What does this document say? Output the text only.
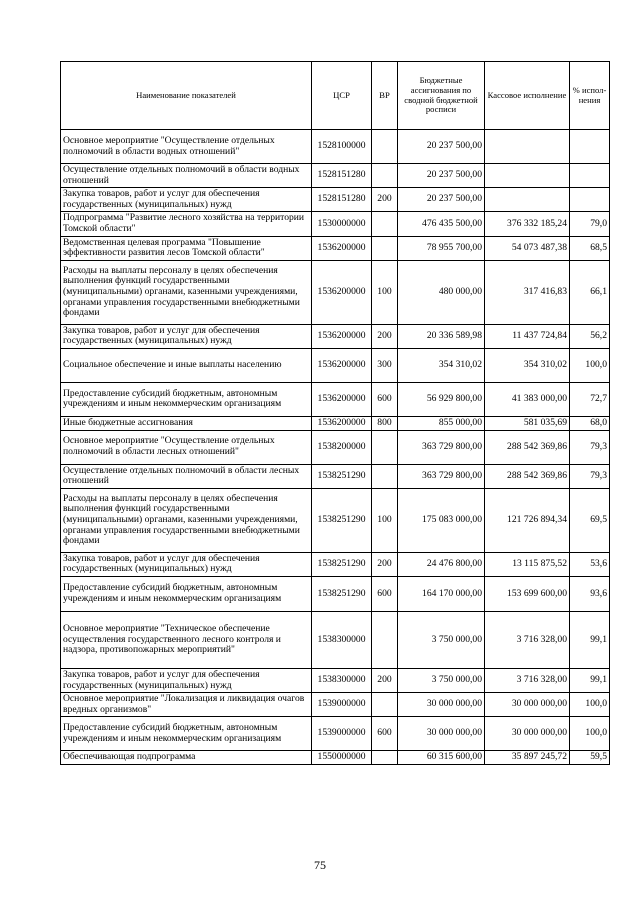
Наименование показателей	ЦСР	ВР	Бюджетные ассигнования по сводной бюджетной росписи	Кассовое исполнение	% испол-нения
Основное мероприятие "Осуществление отдельных полномочий в области водных отношений"	1528100000		20 237 500,00		
Осуществление отдельных полномочий в области водных отношений	1528151280		20 237 500,00		
Закупка товаров, работ и услуг для обеспечения государственных (муниципальных) нужд	1528151280	200	20 237 500,00		
Подпрограмма "Развитие лесного хозяйства на территории Томской области"	1530000000		476 435 500,00	376 332 185,24	79,0
Ведомственная целевая программа "Повышение эффективности развития лесов Томской области"	1536200000		78 955 700,00	54 073 487,38	68,5
Расходы на выплаты персоналу в целях обеспечения выполнения функций государственными (муниципальными) органами, казенными учреждениями, органами управления государственными внебюджетными фондами	1536200000	100	480 000,00	317 416,83	66,1
Закупка товаров, работ и услуг для обеспечения государственных (муниципальных) нужд	1536200000	200	20 336 589,98	11 437 724,84	56,2
Социальное обеспечение и иные выплаты населению	1536200000	300	354 310,02	354 310,02	100,0
Предоставление субсидий бюджетным, автономным учреждениям и иным некоммерческим организациям	1536200000	600	56 929 800,00	41 383 000,00	72,7
Иные бюджетные ассигнования	1536200000	800	855 000,00	581 035,69	68,0
Основное мероприятие "Осуществление отдельных полномочий в области лесных отношений"	1538200000		363 729 800,00	288 542 369,86	79,3
Осуществление отдельных полномочий в области лесных отношений	1538251290		363 729 800,00	288 542 369,86	79,3
Расходы на выплаты персоналу в целях обеспечения выполнения функций государственными (муниципальными) органами, казенными учреждениями, органами управления государственными внебюджетными фондами	1538251290	100	175 083 000,00	121 726 894,34	69,5
Закупка товаров, работ и услуг для обеспечения государственных (муниципальных) нужд	1538251290	200	24 476 800,00	13 115 875,52	53,6
Предоставление субсидий бюджетным, автономным учреждениям и иным некоммерческим организациям	1538251290	600	164 170 000,00	153 699 600,00	93,6
Основное мероприятие "Техническое обеспечение осуществления государственного лесного контроля и надзора, противопожарных мероприятий"	1538300000		3 750 000,00	3 716 328,00	99,1
Закупка товаров, работ и услуг для обеспечения государственных (муниципальных) нужд	1538300000	200	3 750 000,00	3 716 328,00	99,1
Основное мероприятие "Локализация и ликвидация очагов вредных организмов"	1539000000		30 000 000,00	30 000 000,00	100,0
Предоставление субсидий бюджетным, автономным учреждениям и иным некоммерческим организациям	1539000000	600	30 000 000,00	30 000 000,00	100,0
Обеспечивающая подпрограмма	1550000000		60 315 600,00	35 897 245,72	59,5
75
